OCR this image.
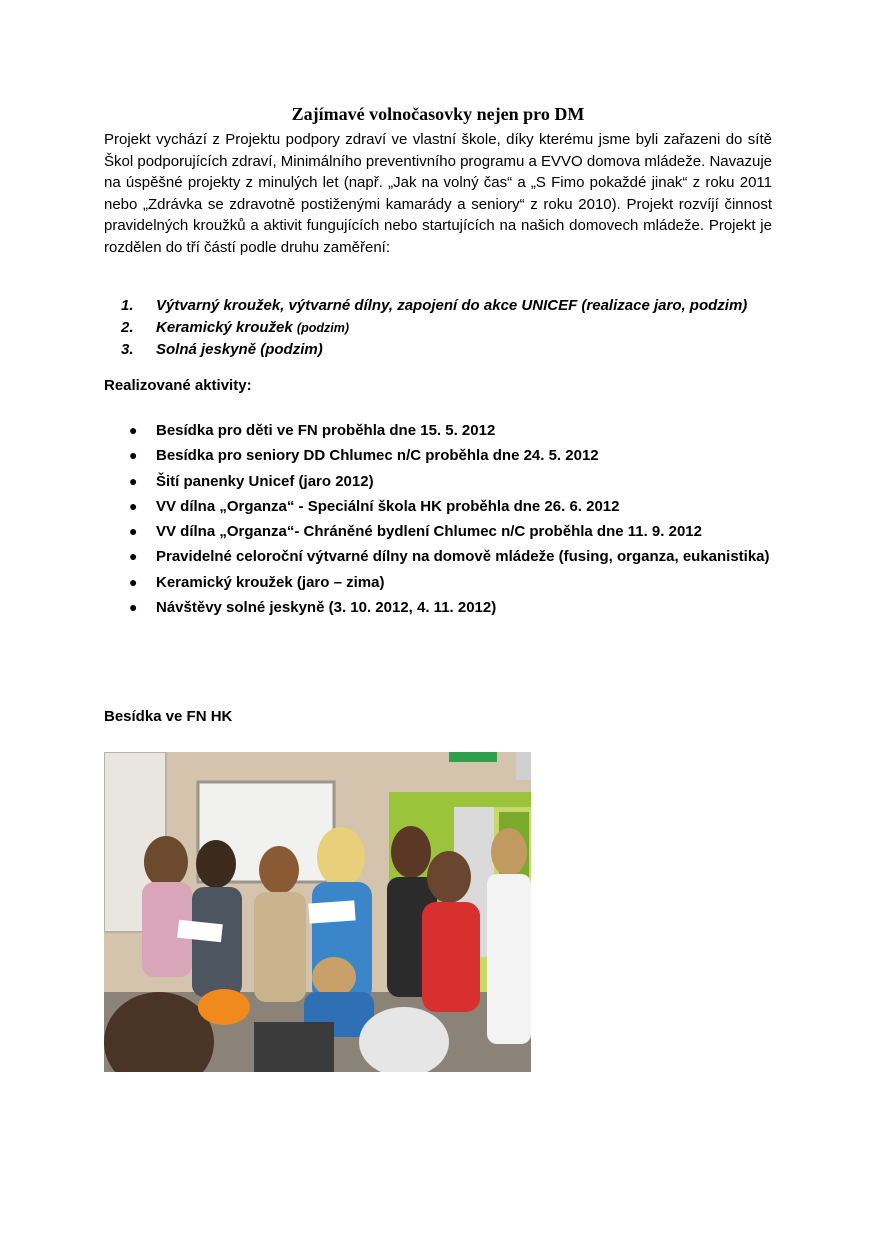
Zajímavé volnočasovky nejen pro DM

Projekt vychází z Projektu podpory zdraví ve vlastní škole, díky kterému jsme byli zařazeni do sítě Škol podporujících zdraví, Minimálního preventivního programu a EVVO domova mládeže. Navazuje na úspěšné projekty z minulých let (např. „Jak na volný čas“ a „S Fimo pokaždé jinak“ z roku 2011 nebo „Zdrávka se zdravotně postiženými kamarády a seniory“ z roku 2010). Projekt rozvíjí činnost pravidelných kroužků a aktivit fungujících nebo startujících na našich domovech mládeže. Projekt je rozdělen do tří částí podle druhu zaměření:

1. Výtvarný kroužek, výtvarné dílny, zapojení do akce UNICEF (realizace jaro, podzim)
2. Keramický kroužek (podzim)
3. Solná jeskyně (podzim)

Realizované aktivity:

● Besídka pro děti ve FN proběhla dne 15. 5. 2012
● Besídka pro seniory DD Chlumec n/C proběhla dne 24. 5. 2012
● Šití panenky Unicef (jaro 2012)
● VV dílna „Organza“ - Speciální škola HK proběhla dne 26. 6. 2012
● VV dílna „Organza“- Chráněné bydlení Chlumec n/C proběhla dne 11. 9. 2012
● Pravidelné celoroční výtvarné dílny na domově mládeže (fusing, organza, eukanistika)
● Keramický kroužek (jaro – zima)
● Návštěvy solné jeskyně (3. 10. 2012, 4. 11. 2012)

Besídka ve FN HK
